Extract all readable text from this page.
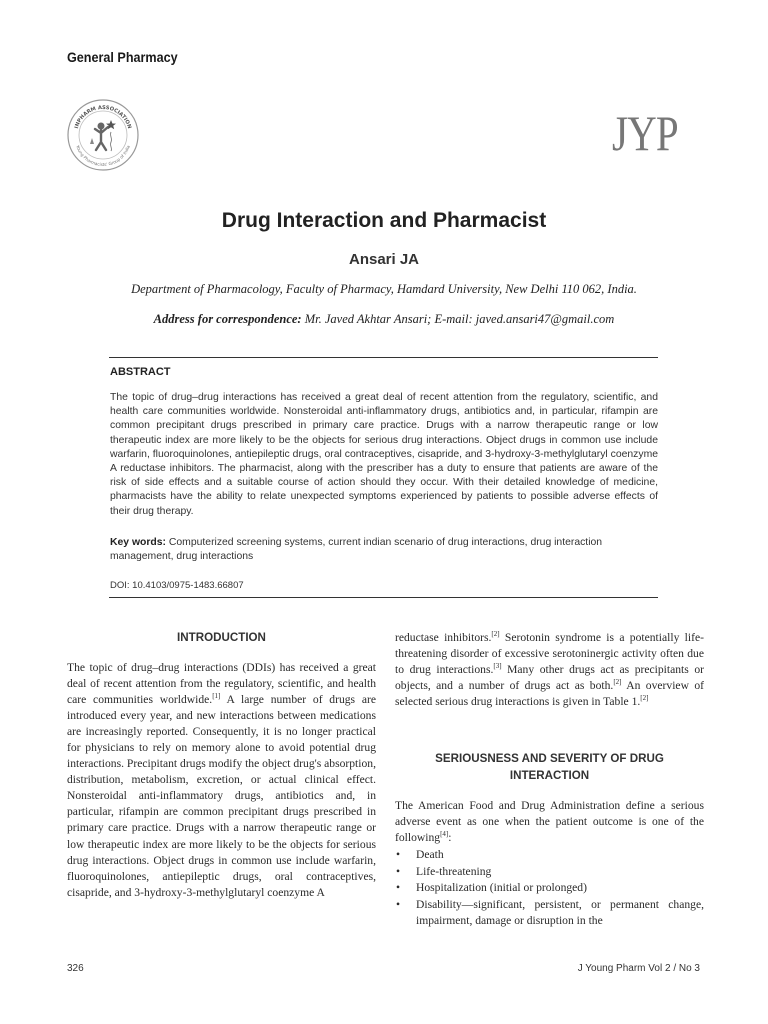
General Pharmacy
INPHARM ASSOCIATION
Young Pharmacists' Group of India	JYP
Drug Interaction and Pharmacist
Ansari JA
Department of Pharmacology, Faculty of Pharmacy, Hamdard University, New Delhi 110 062, India.
Address for correspondence: Mr. Javed Akhtar Ansari; E-mail: javed.ansari47@gmail.com
ABSTRACT
The topic of drug–drug interactions has received a great deal of recent attention from the regulatory, scientific, and health care communities worldwide. Nonsteroidal anti-inflammatory drugs, antibiotics and, in particular, rifampin are common precipitant drugs prescribed in primary care practice. Drugs with a narrow therapeutic range or low therapeutic index are more likely to be the objects for serious drug interactions. Object drugs in common use include warfarin, fluoroquinolones, antiepileptic drugs, oral contraceptives, cisapride, and 3-hydroxy-3-methylglutaryl coenzyme A reductase inhibitors. The pharmacist, along with the prescriber has a duty to ensure that patients are aware of the risk of side effects and a suitable course of action should they occur. With their detailed knowledge of medicine, pharmacists have the ability to relate unexpected symptoms experienced by patients to possible adverse effects of their drug therapy.
Key words: Computerized screening systems, current indian scenario of drug interactions, drug interaction management, drug interactions
DOI: 10.4103/0975-1483.66807
INTRODUCTION
The topic of drug–drug interactions (DDIs) has received a great deal of recent attention from the regulatory, scientific, and health care communities worldwide.[1] A large number of drugs are introduced every year, and new interactions between medications are increasingly reported. Consequently, it is no longer practical for physicians to rely on memory alone to avoid potential drug interactions. Precipitant drugs modify the object drug's absorption, distribution, metabolism, excretion, or actual clinical effect. Nonsteroidal anti-inflammatory drugs, antibiotics and, in particular, rifampin are common precipitant drugs prescribed in primary care practice. Drugs with a narrow therapeutic range or low therapeutic index are more likely to be the objects for serious drug interactions. Object drugs in common use include warfarin, fluoroquinolones, antiepileptic drugs, oral contraceptives, cisapride, and 3-hydroxy-3-methylglutaryl coenzyme A
reductase inhibitors.[2] Serotonin syndrome is a potentially life-threatening disorder of excessive serotoninergic activity often due to drug interactions.[3] Many other drugs act as precipitants or objects, and a number of drugs act as both.[2] An overview of selected serious drug interactions is given in Table 1.[2]
SERIOUSNESS AND SEVERITY OF DRUG INTERACTION
The American Food and Drug Administration define a serious adverse event as one when the patient outcome is one of the following[4]:
• Death
• Life-threatening
• Hospitalization (initial or prolonged)
• Disability—significant, persistent, or permanent change, impairment, damage or disruption in the
326	J Young Pharm Vol 2 / No 3
